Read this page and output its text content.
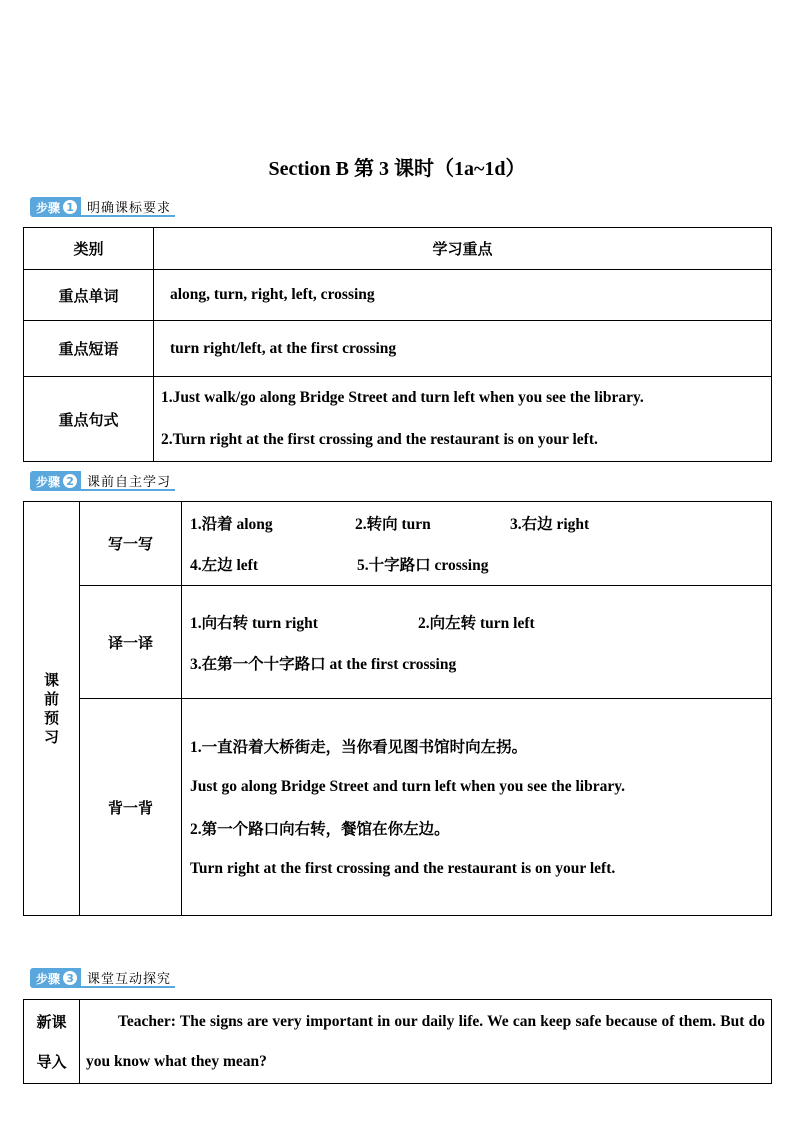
Section B 第 3 课时（1a~1d）
步骤 1	明确课标要求
类别	学习重点
重点单词	along, turn, right, left, crossing
重点短语	turn right/left, at the first crossing
重点句式	1.Just walk/go along Bridge Street and turn left when you see the library.
2.Turn right at the first crossing and the restaurant is on your left.
步骤 2	课前自主学习
课前预习	写一写	1.沿着 along 2.转向 turn 3.右边 right
4.左边 left 5.十字路口 crossing

	译一译	1.向右转 turn right 2.向左转 turn left
3.在第一个十字路口 at the first crossing

	背一背	1.一直沿着大桥街走，当你看见图书馆时向左拐。
Just go along Bridge Street and turn left when you see the library.
2.第一个路口向右转，餐馆在你左边。
Turn right at the first crossing and the restaurant is on your left.
步骤 3	课堂互动探究
新课
导入
	Teacher: The signs are very important in our daily life. We can keep safe because of them. But do you know what they mean?
